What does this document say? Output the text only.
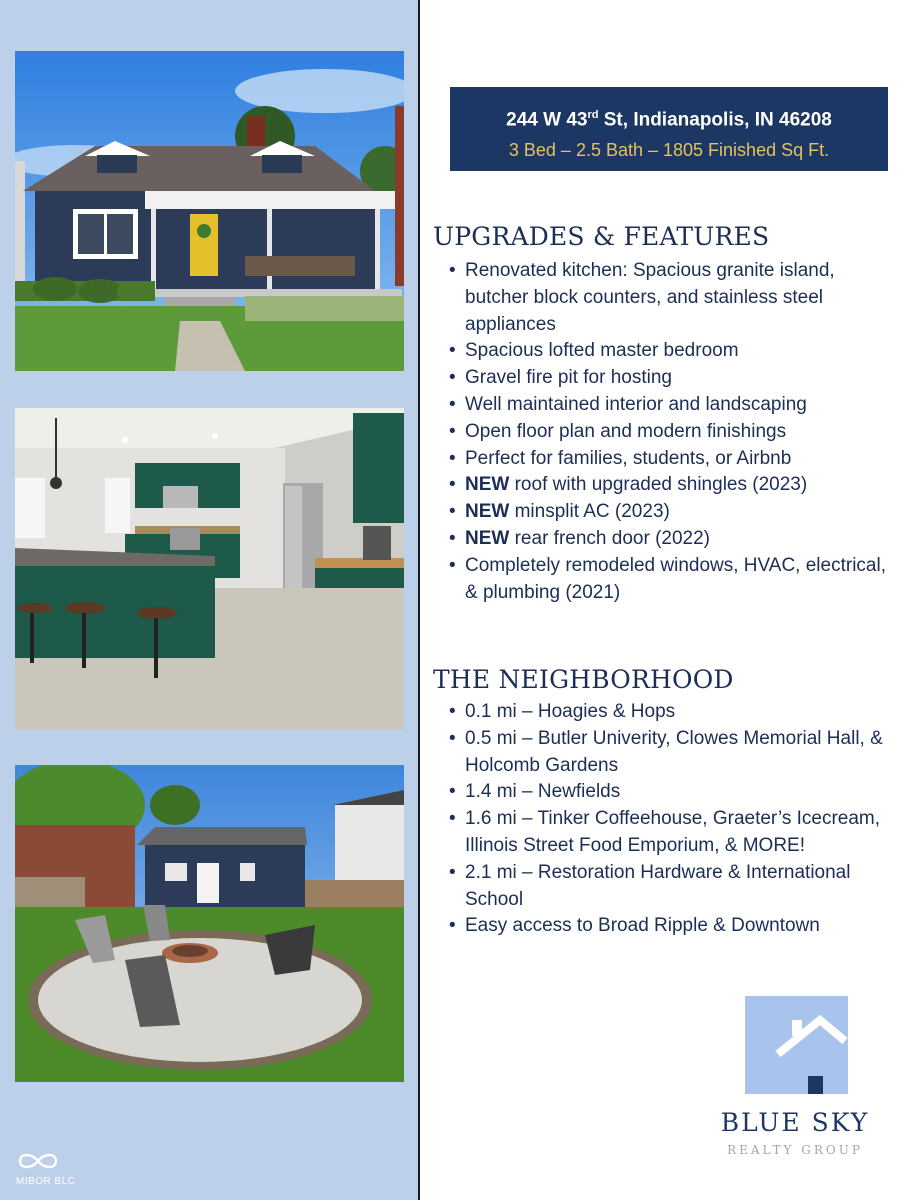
MIBOR BLC
244 W 43rd St, Indianapolis, IN 46208
3 Bed – 2.5 Bath – 1805 Finished Sq Ft.
UPGRADES & FEATURES
• Renovated kitchen: Spacious granite island, butcher block counters, and stainless steel appliances
• Spacious lofted master bedroom
• Gravel fire pit for hosting
• Well maintained interior and landscaping
• Open floor plan and modern finishings
• Perfect for families, students, or Airbnb
• NEW roof with upgraded shingles (2023)
• NEW minsplit AC (2023)
• NEW rear french door (2022)
• Completely remodeled windows, HVAC, electrical, & plumbing (2021)
THE NEIGHBORHOOD
• 0.1 mi – Hoagies & Hops
• 0.5 mi – Butler Univerity, Clowes Memorial Hall, & Holcomb Gardens
• 1.4 mi – Newfields
• 1.6 mi – Tinker Coffeehouse, Graeter’s Icecream, Illinois Street Food Emporium, & MORE!
• 2.1 mi – Restoration Hardware & International School
• Easy access to Broad Ripple & Downtown
BLUE SKY
REALTY GROUP
